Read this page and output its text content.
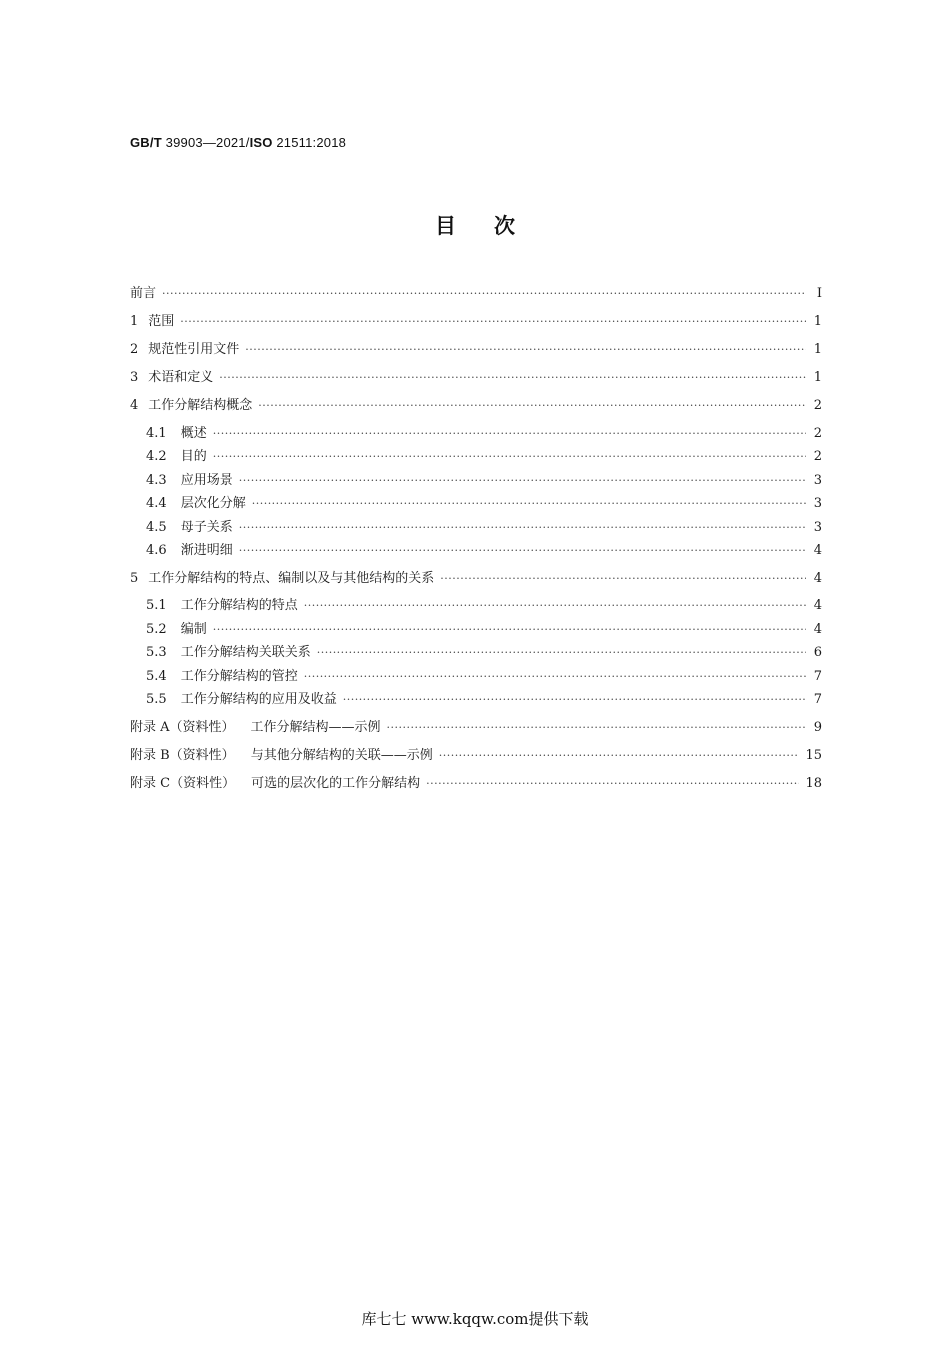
GB/T 39903—2021/ISO 21511:2018
目次
前言 ·····	I
1 范围 ·····	1
2 规范性引用文件 ·····	1
3 术语和定义 ·····	1
4 工作分解结构概念 ·····	2
4.1 概述 ·····	2
4.2 目的 ·····	2
4.3 应用场景 ·····	3
4.4 层次化分解 ·····	3
4.5 母子关系 ·····	3
4.6 渐进明细 ·····	4
5 工作分解结构的特点、编制以及与其他结构的关系 ·····	4
5.1 工作分解结构的特点 ·····	4
5.2 编制 ·····	4
5.3 工作分解结构关联关系 ·····	6
5.4 工作分解结构的管控 ·····	7
5.5 工作分解结构的应用及收益 ·····	7
附录 A（资料性） 工作分解结构——示例 ·····	9
附录 B（资料性） 与其他分解结构的关联——示例 ·····	15
附录 C（资料性） 可选的层次化的工作分解结构 ·····	18
库七七 www.kqqw.com提供下载
